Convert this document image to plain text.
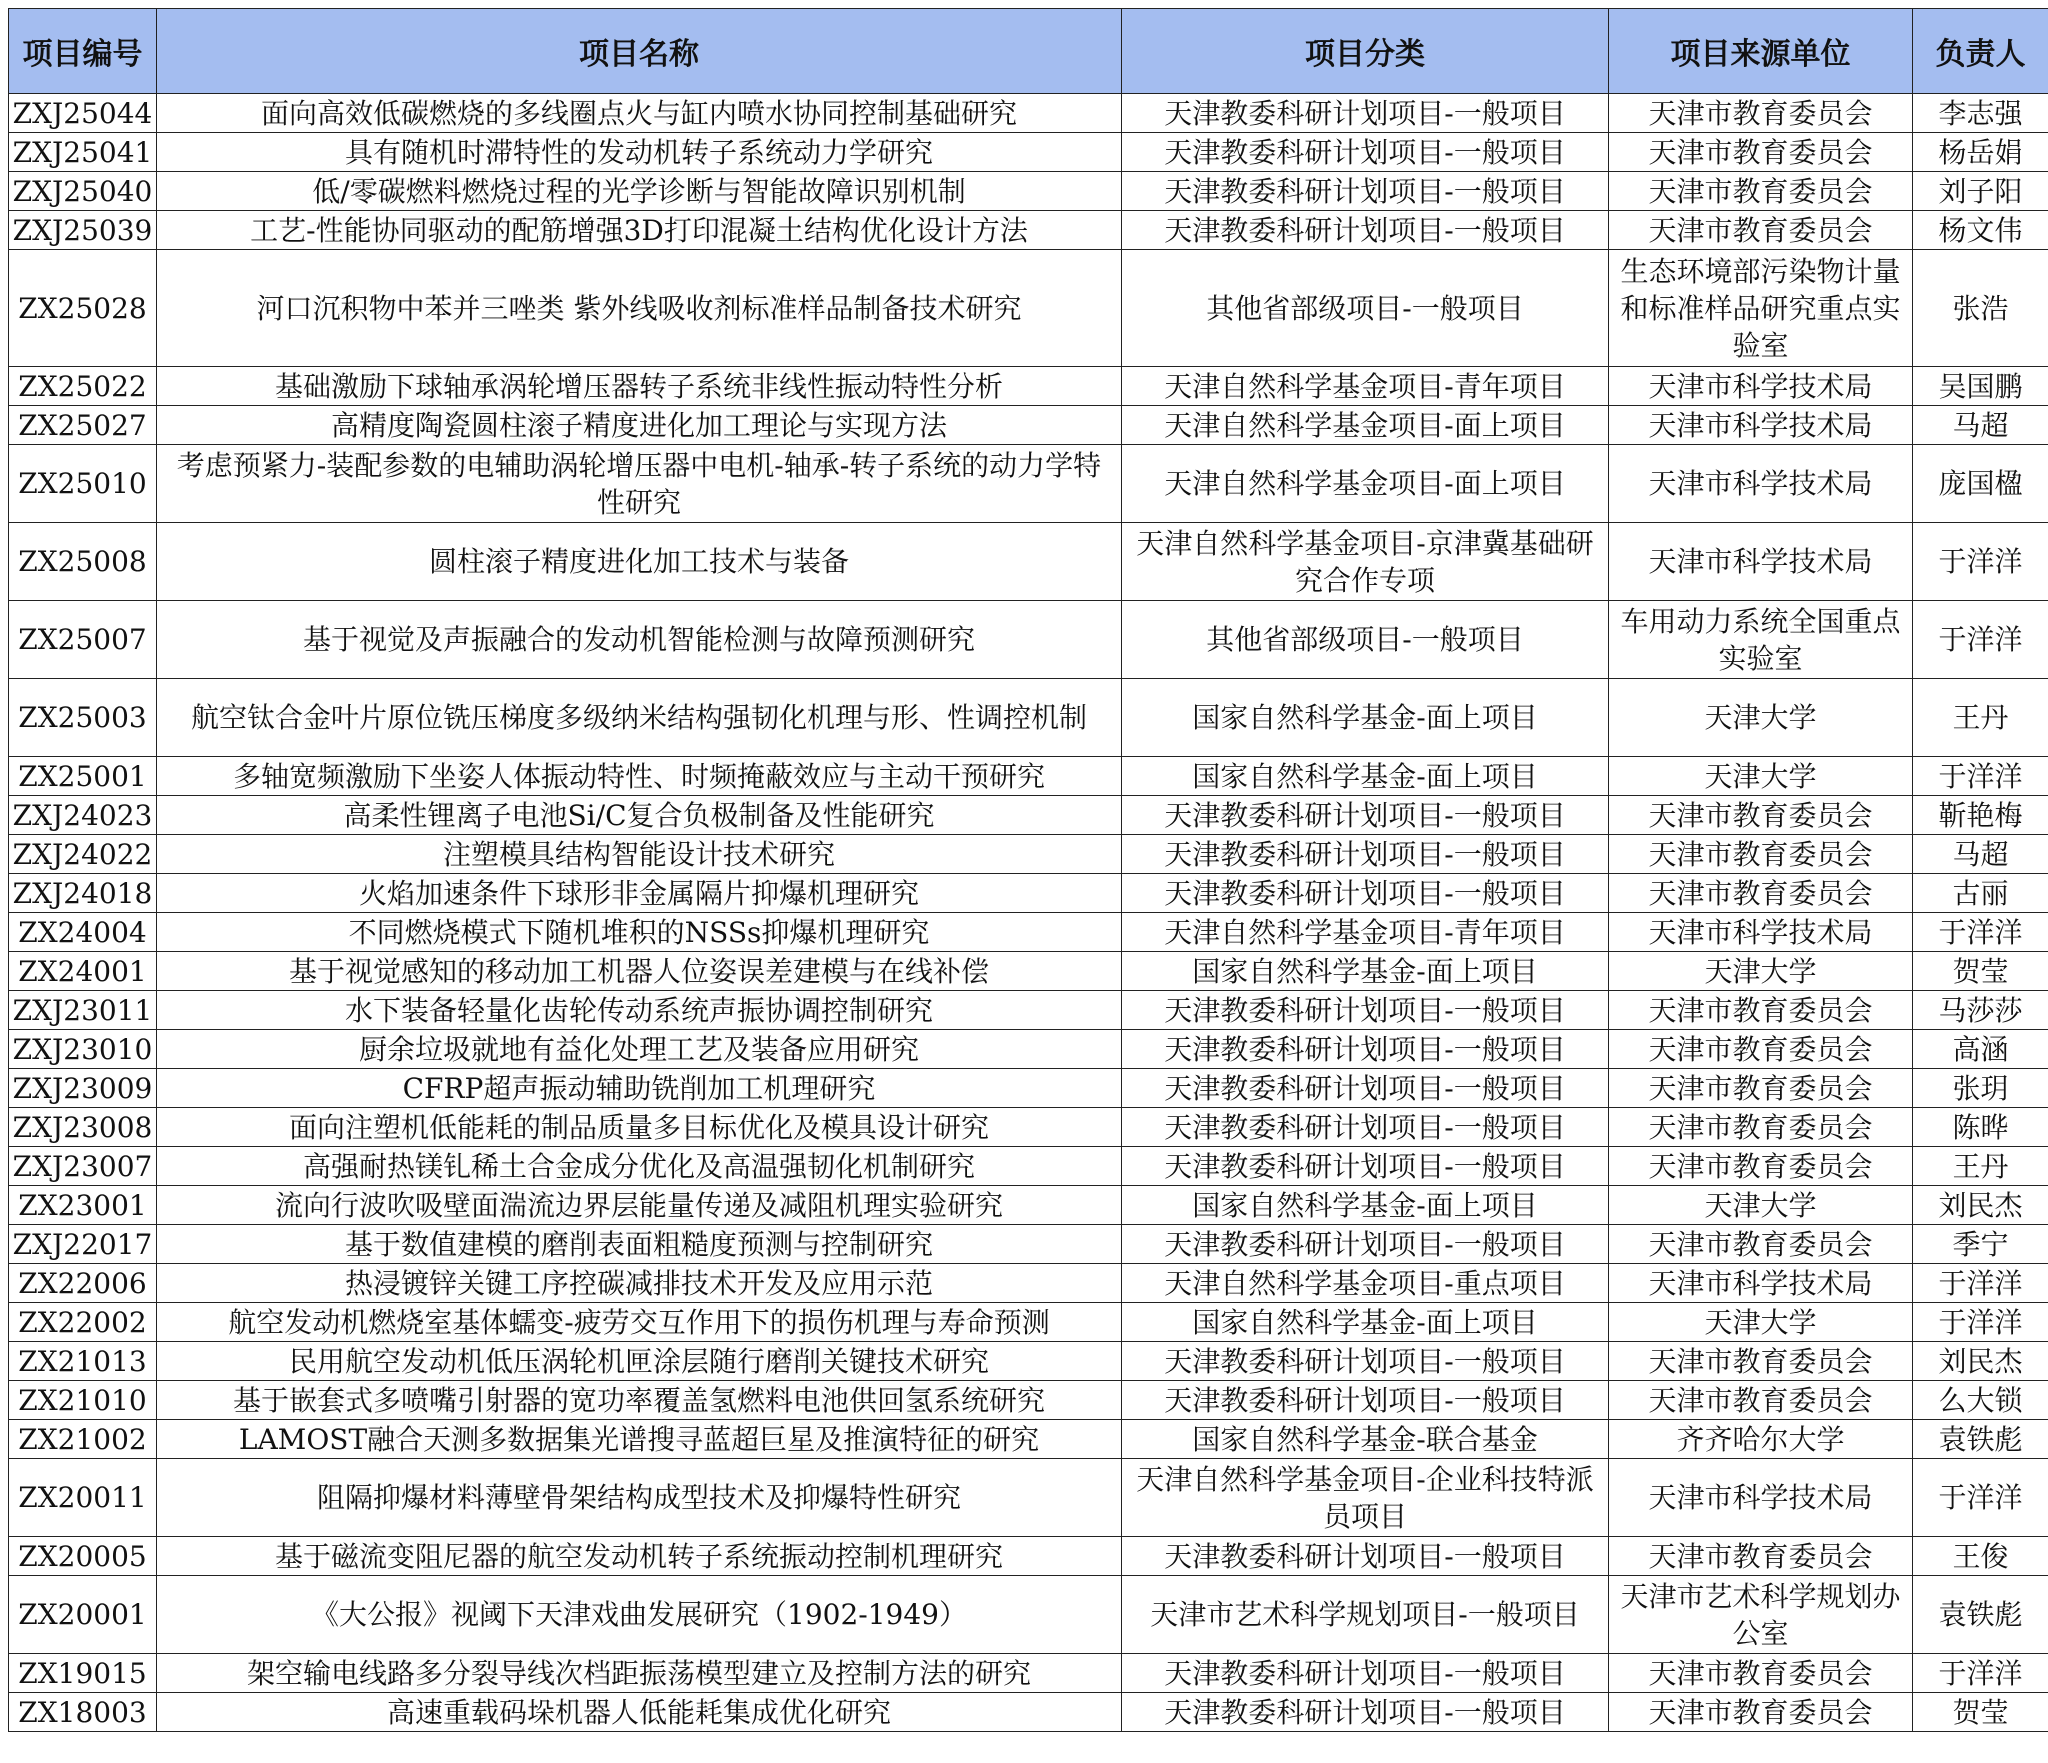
项目编号	项目名称	项目分类	项目来源单位	负责人
ZXJ25044	面向高效低碳燃烧的多线圈点火与缸内喷水协同控制基础研究	天津教委科研计划项目-一般项目	天津市教育委员会	李志强
ZXJ25041	具有随机时滞特性的发动机转子系统动力学研究	天津教委科研计划项目-一般项目	天津市教育委员会	杨岳娟
ZXJ25040	低/零碳燃料燃烧过程的光学诊断与智能故障识别机制	天津教委科研计划项目-一般项目	天津市教育委员会	刘子阳
ZXJ25039	工艺-性能协同驱动的配筋增强3D打印混凝土结构优化设计方法	天津教委科研计划项目-一般项目	天津市教育委员会	杨文伟
ZX25028	河口沉积物中苯并三唑类 紫外线吸收剂标准样品制备技术研究	其他省部级项目-一般项目	生态环境部污染物计量和标准样品研究重点实验室	张浩
ZX25022	基础激励下球轴承涡轮增压器转子系统非线性振动特性分析	天津自然科学基金项目-青年项目	天津市科学技术局	吴国鹏
ZX25027	高精度陶瓷圆柱滚子精度进化加工理论与实现方法	天津自然科学基金项目-面上项目	天津市科学技术局	马超
ZX25010	考虑预紧力-装配参数的电辅助涡轮增压器中电机-轴承-转子系统的动力学特性研究	天津自然科学基金项目-面上项目	天津市科学技术局	庞国楹
ZX25008	圆柱滚子精度进化加工技术与装备	天津自然科学基金项目-京津冀基础研究合作专项	天津市科学技术局	于洋洋
ZX25007	基于视觉及声振融合的发动机智能检测与故障预测研究	其他省部级项目-一般项目	车用动力系统全国重点实验室	于洋洋
ZX25003	航空钛合金叶片原位铣压梯度多级纳米结构强韧化机理与形、性调控机制	国家自然科学基金-面上项目	天津大学	王丹
ZX25001	多轴宽频激励下坐姿人体振动特性、时频掩蔽效应与主动干预研究	国家自然科学基金-面上项目	天津大学	于洋洋
ZXJ24023	高柔性锂离子电池Si/C复合负极制备及性能研究	天津教委科研计划项目-一般项目	天津市教育委员会	靳艳梅
ZXJ24022	注塑模具结构智能设计技术研究	天津教委科研计划项目-一般项目	天津市教育委员会	马超
ZXJ24018	火焰加速条件下球形非金属隔片抑爆机理研究	天津教委科研计划项目-一般项目	天津市教育委员会	古丽
ZX24004	不同燃烧模式下随机堆积的NSSs抑爆机理研究	天津自然科学基金项目-青年项目	天津市科学技术局	于洋洋
ZX24001	基于视觉感知的移动加工机器人位姿误差建模与在线补偿	国家自然科学基金-面上项目	天津大学	贺莹
ZXJ23011	水下装备轻量化齿轮传动系统声振协调控制研究	天津教委科研计划项目-一般项目	天津市教育委员会	马莎莎
ZXJ23010	厨余垃圾就地有益化处理工艺及装备应用研究	天津教委科研计划项目-一般项目	天津市教育委员会	高涵
ZXJ23009	CFRP超声振动辅助铣削加工机理研究	天津教委科研计划项目-一般项目	天津市教育委员会	张玥
ZXJ23008	面向注塑机低能耗的制品质量多目标优化及模具设计研究	天津教委科研计划项目-一般项目	天津市教育委员会	陈晔
ZXJ23007	高强耐热镁钆稀土合金成分优化及高温强韧化机制研究	天津教委科研计划项目-一般项目	天津市教育委员会	王丹
ZX23001	流向行波吹吸壁面湍流边界层能量传递及减阻机理实验研究	国家自然科学基金-面上项目	天津大学	刘民杰
ZXJ22017	基于数值建模的磨削表面粗糙度预测与控制研究	天津教委科研计划项目-一般项目	天津市教育委员会	季宁
ZX22006	热浸镀锌关键工序控碳减排技术开发及应用示范	天津自然科学基金项目-重点项目	天津市科学技术局	于洋洋
ZX22002	航空发动机燃烧室基体蠕变-疲劳交互作用下的损伤机理与寿命预测	国家自然科学基金-面上项目	天津大学	于洋洋
ZX21013	民用航空发动机低压涡轮机匣涂层随行磨削关键技术研究	天津教委科研计划项目-一般项目	天津市教育委员会	刘民杰
ZX21010	基于嵌套式多喷嘴引射器的宽功率覆盖氢燃料电池供回氢系统研究	天津教委科研计划项目-一般项目	天津市教育委员会	么大锁
ZX21002	LAMOST融合天测多数据集光谱搜寻蓝超巨星及推演特征的研究	国家自然科学基金-联合基金	齐齐哈尔大学	袁铁彪
ZX20011	阻隔抑爆材料薄壁骨架结构成型技术及抑爆特性研究	天津自然科学基金项目-企业科技特派员项目	天津市科学技术局	于洋洋
ZX20005	基于磁流变阻尼器的航空发动机转子系统振动控制机理研究	天津教委科研计划项目-一般项目	天津市教育委员会	王俊
ZX20001	《大公报》视阈下天津戏曲发展研究（1902-1949）	天津市艺术科学规划项目-一般项目	天津市艺术科学规划办公室	袁铁彪
ZX19015	架空输电线路多分裂导线次档距振荡模型建立及控制方法的研究	天津教委科研计划项目-一般项目	天津市教育委员会	于洋洋
ZX18003	高速重载码垛机器人低能耗集成优化研究	天津教委科研计划项目-一般项目	天津市教育委员会	贺莹
